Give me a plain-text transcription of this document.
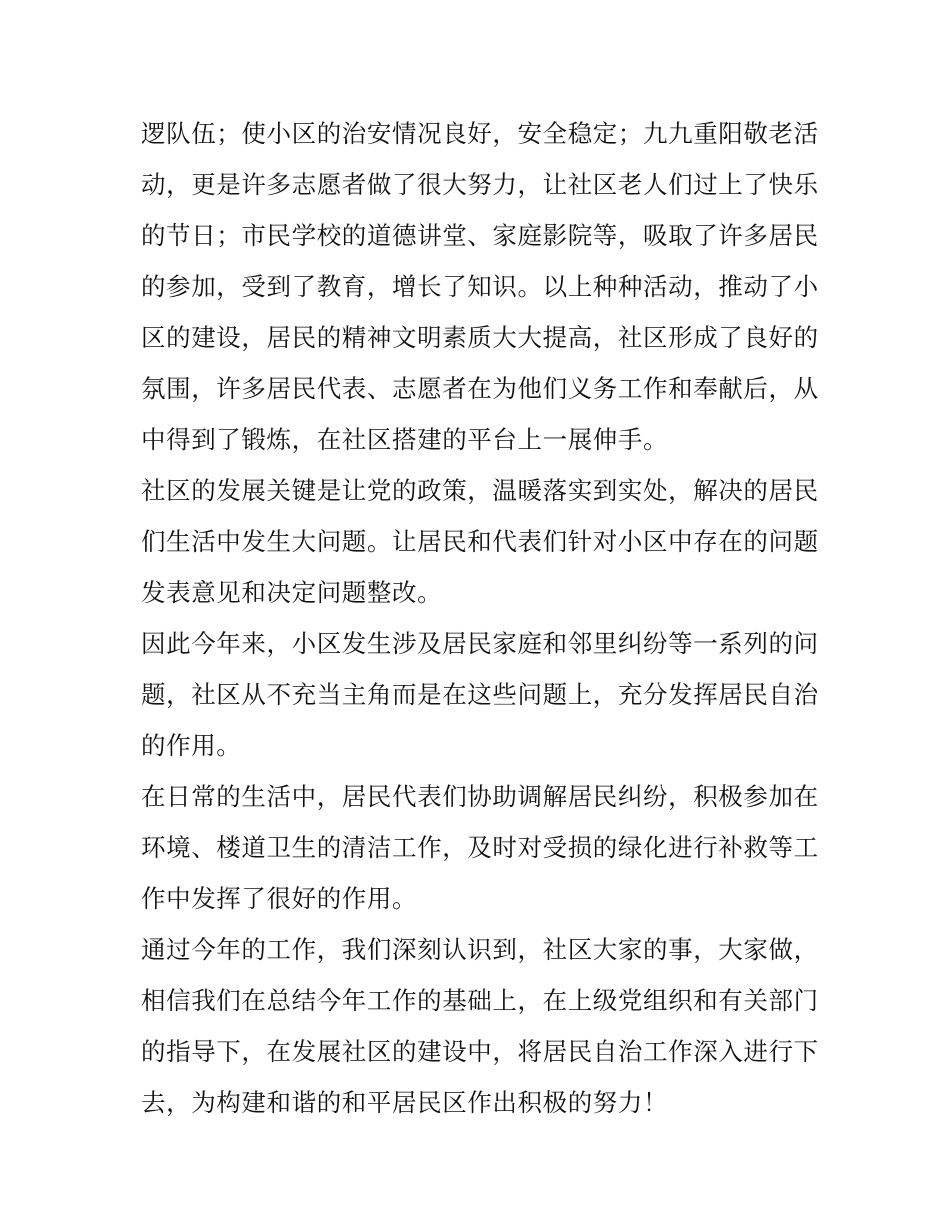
逻队伍；使小区的治安情况良好，安全稳定；九九重阳敬老活
动，更是许多志愿者做了很大努力，让社区老人们过上了快乐
的节日；市民学校的道德讲堂、家庭影院等，吸取了许多居民
的参加，受到了教育，增长了知识。以上种种活动，推动了小
区的建设，居民的精神文明素质大大提高，社区形成了良好的
氛围，许多居民代表、志愿者在为他们义务工作和奉献后，从
中得到了锻炼，在社区搭建的平台上一展伸手。

社区的发展关键是让党的政策，温暖落实到实处，解决的居民
们生活中发生大问题。让居民和代表们针对小区中存在的问题
发表意见和决定问题整改。

因此今年来，小区发生涉及居民家庭和邻里纠纷等一系列的问
题，社区从不充当主角而是在这些问题上，充分发挥居民自治
的作用。

在日常的生活中，居民代表们协助调解居民纠纷，积极参加在
环境、楼道卫生的清洁工作，及时对受损的绿化进行补救等工
作中发挥了很好的作用。

通过今年的工作，我们深刻认识到，社区大家的事，大家做，
相信我们在总结今年工作的基础上，在上级党组织和有关部门
的指导下，在发展社区的建设中，将居民自治工作深入进行下
去，为构建和谐的和平居民区作出积极的努力！
